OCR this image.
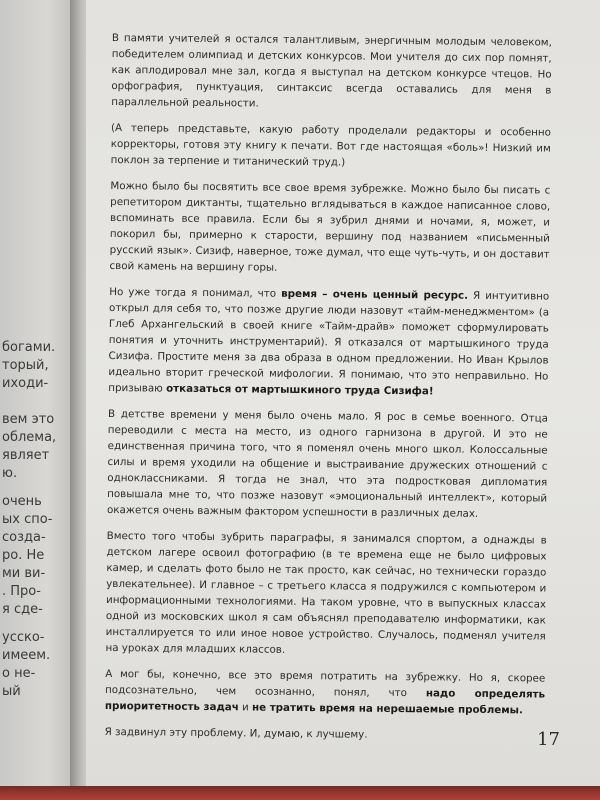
богами.
торый,
иходи-
вем это
облема,
являет
ю.
очень
ых спо-
созда-
ро. Не
ми ви-
. Про-
я сде-
усско-
имеем.
о не-
ый

В памяти учителей я остался талантливым, энергичным молодым человеком, победителем олимпиад и детских конкурсов. Мои учителя до сих пор помнят, как аплодировал мне зал, когда я выступал на детском конкурсе чтецов. Но орфография, пунктуация, синтаксис всегда оставались для меня в параллельной реальности.

(А теперь представьте, какую работу проделали редакторы и особенно корректоры, готовя эту книгу к печати. Вот где настоящая «боль»! Низкий им поклон за терпение и титанический труд.)

Можно было бы посвятить все свое время зубрежке. Можно было бы писать с репетитором диктанты, тщательно вглядываться в каждое написанное слово, вспоминать все правила. Если бы я зубрил днями и ночами, я, может, и покорил бы, примерно к старости, вершину под названием «письменный русский язык». Сизиф, наверное, тоже думал, что еще чуть-чуть, и он доставит свой камень на вершину горы.

Но уже тогда я понимал, что время – очень ценный ресурс. Я интуитивно открыл для себя то, что позже другие люди назовут «тайм-менеджментом» (а Глеб Архангельский в своей книге «Тайм-драйв» поможет сформулировать понятия и уточнить инструментарий). Я отказался от мартышкиного труда Сизифа. Простите меня за два образа в одном предложении. Но Иван Крылов идеально вторит греческой мифологии. Я понимаю, что это неправильно. Но призываю отказаться от мартышкиного труда Сизифа!

В детстве времени у меня было очень мало. Я рос в семье военного. Отца переводили с места на место, из одного гарнизона в другой. И это не единственная причина того, что я поменял очень много школ. Колоссальные силы и время уходили на общение и выстраивание дружеских отношений с одноклассниками. Я тогда не знал, что эта подростковая дипломатия повышала мне то, что позже назовут «эмоциональный интеллект», который окажется очень важным фактором успешности в различных делах.

Вместо того чтобы зубрить параграфы, я занимался спортом, а однажды в детском лагере освоил фотографию (в те времена еще не было цифровых камер, и сделать фото было не так просто, как сейчас, но технически гораздо увлекательнее). И главное – с третьего класса я подружился с компьютером и информационными технологиями. На таком уровне, что в выпускных классах одной из московских школ я сам объяснял преподавателю информатики, как инсталлируется то или иное новое устройство. Случалось, подменял учителя на уроках для младших классов.

А мог бы, конечно, все это время потратить на зубрежку. Но я, скорее подсознательно, чем осознанно, понял, что надо определять приоритетность задач и не тратить время на нерешаемые проблемы.

Я задвинул эту проблему. И, думаю, к лучшему.	17
